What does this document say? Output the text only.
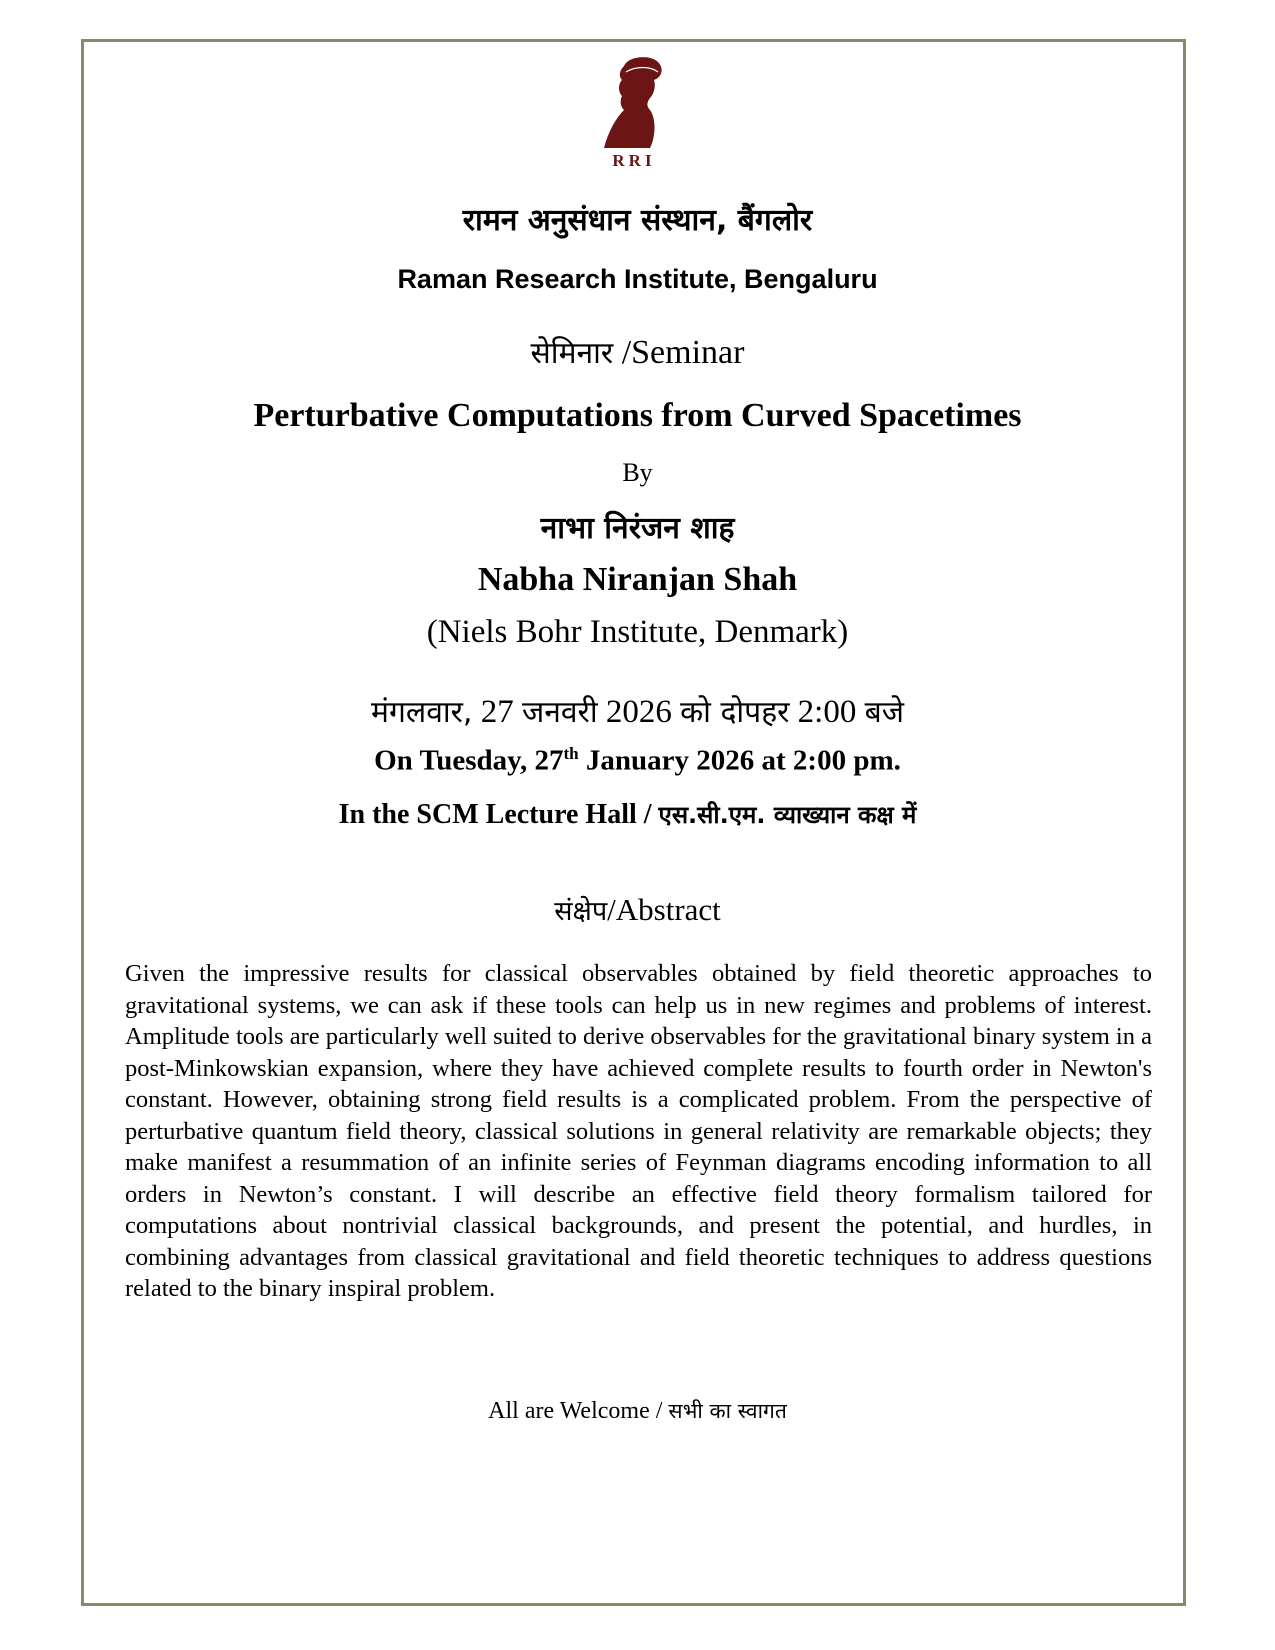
RRI
रामन अनुसंधान संस्थान, बैंगलोर
Raman Research Institute, Bengaluru
सेमिनार /Seminar
Perturbative Computations from Curved Spacetimes
By
नाभा निरंजन शाह
Nabha Niranjan Shah
(Niels Bohr Institute, Denmark)
मंगलवार, 27 जनवरी 2026 को दोपहर 2:00 बजे
On Tuesday, 27th January 2026 at 2:00 pm.
In the SCM Lecture Hall / एस.सी.एम. व्याख्यान कक्ष में
संक्षेप/Abstract
Given the impressive results for classical observables obtained by field theoretic approaches to gravitational systems, we can ask if these tools can help us in new regimes and problems of interest. Amplitude tools are particularly well suited to derive observables for the gravitational binary system in a post-Minkowskian expansion, where they have achieved complete results to fourth order in Newton's constant. However, obtaining strong field results is a complicated problem. From the perspective of perturbative quantum field theory, classical solutions in general relativity are remarkable objects; they make manifest a resummation of an infinite series of Feynman diagrams encoding information to all orders in Newton’s constant. I will describe an effective field theory formalism tailored for computations about nontrivial classical backgrounds, and present the potential, and hurdles, in combining advantages from classical gravitational and field theoretic techniques to address questions related to the binary inspiral problem.
All are Welcome / सभी का स्वागत
